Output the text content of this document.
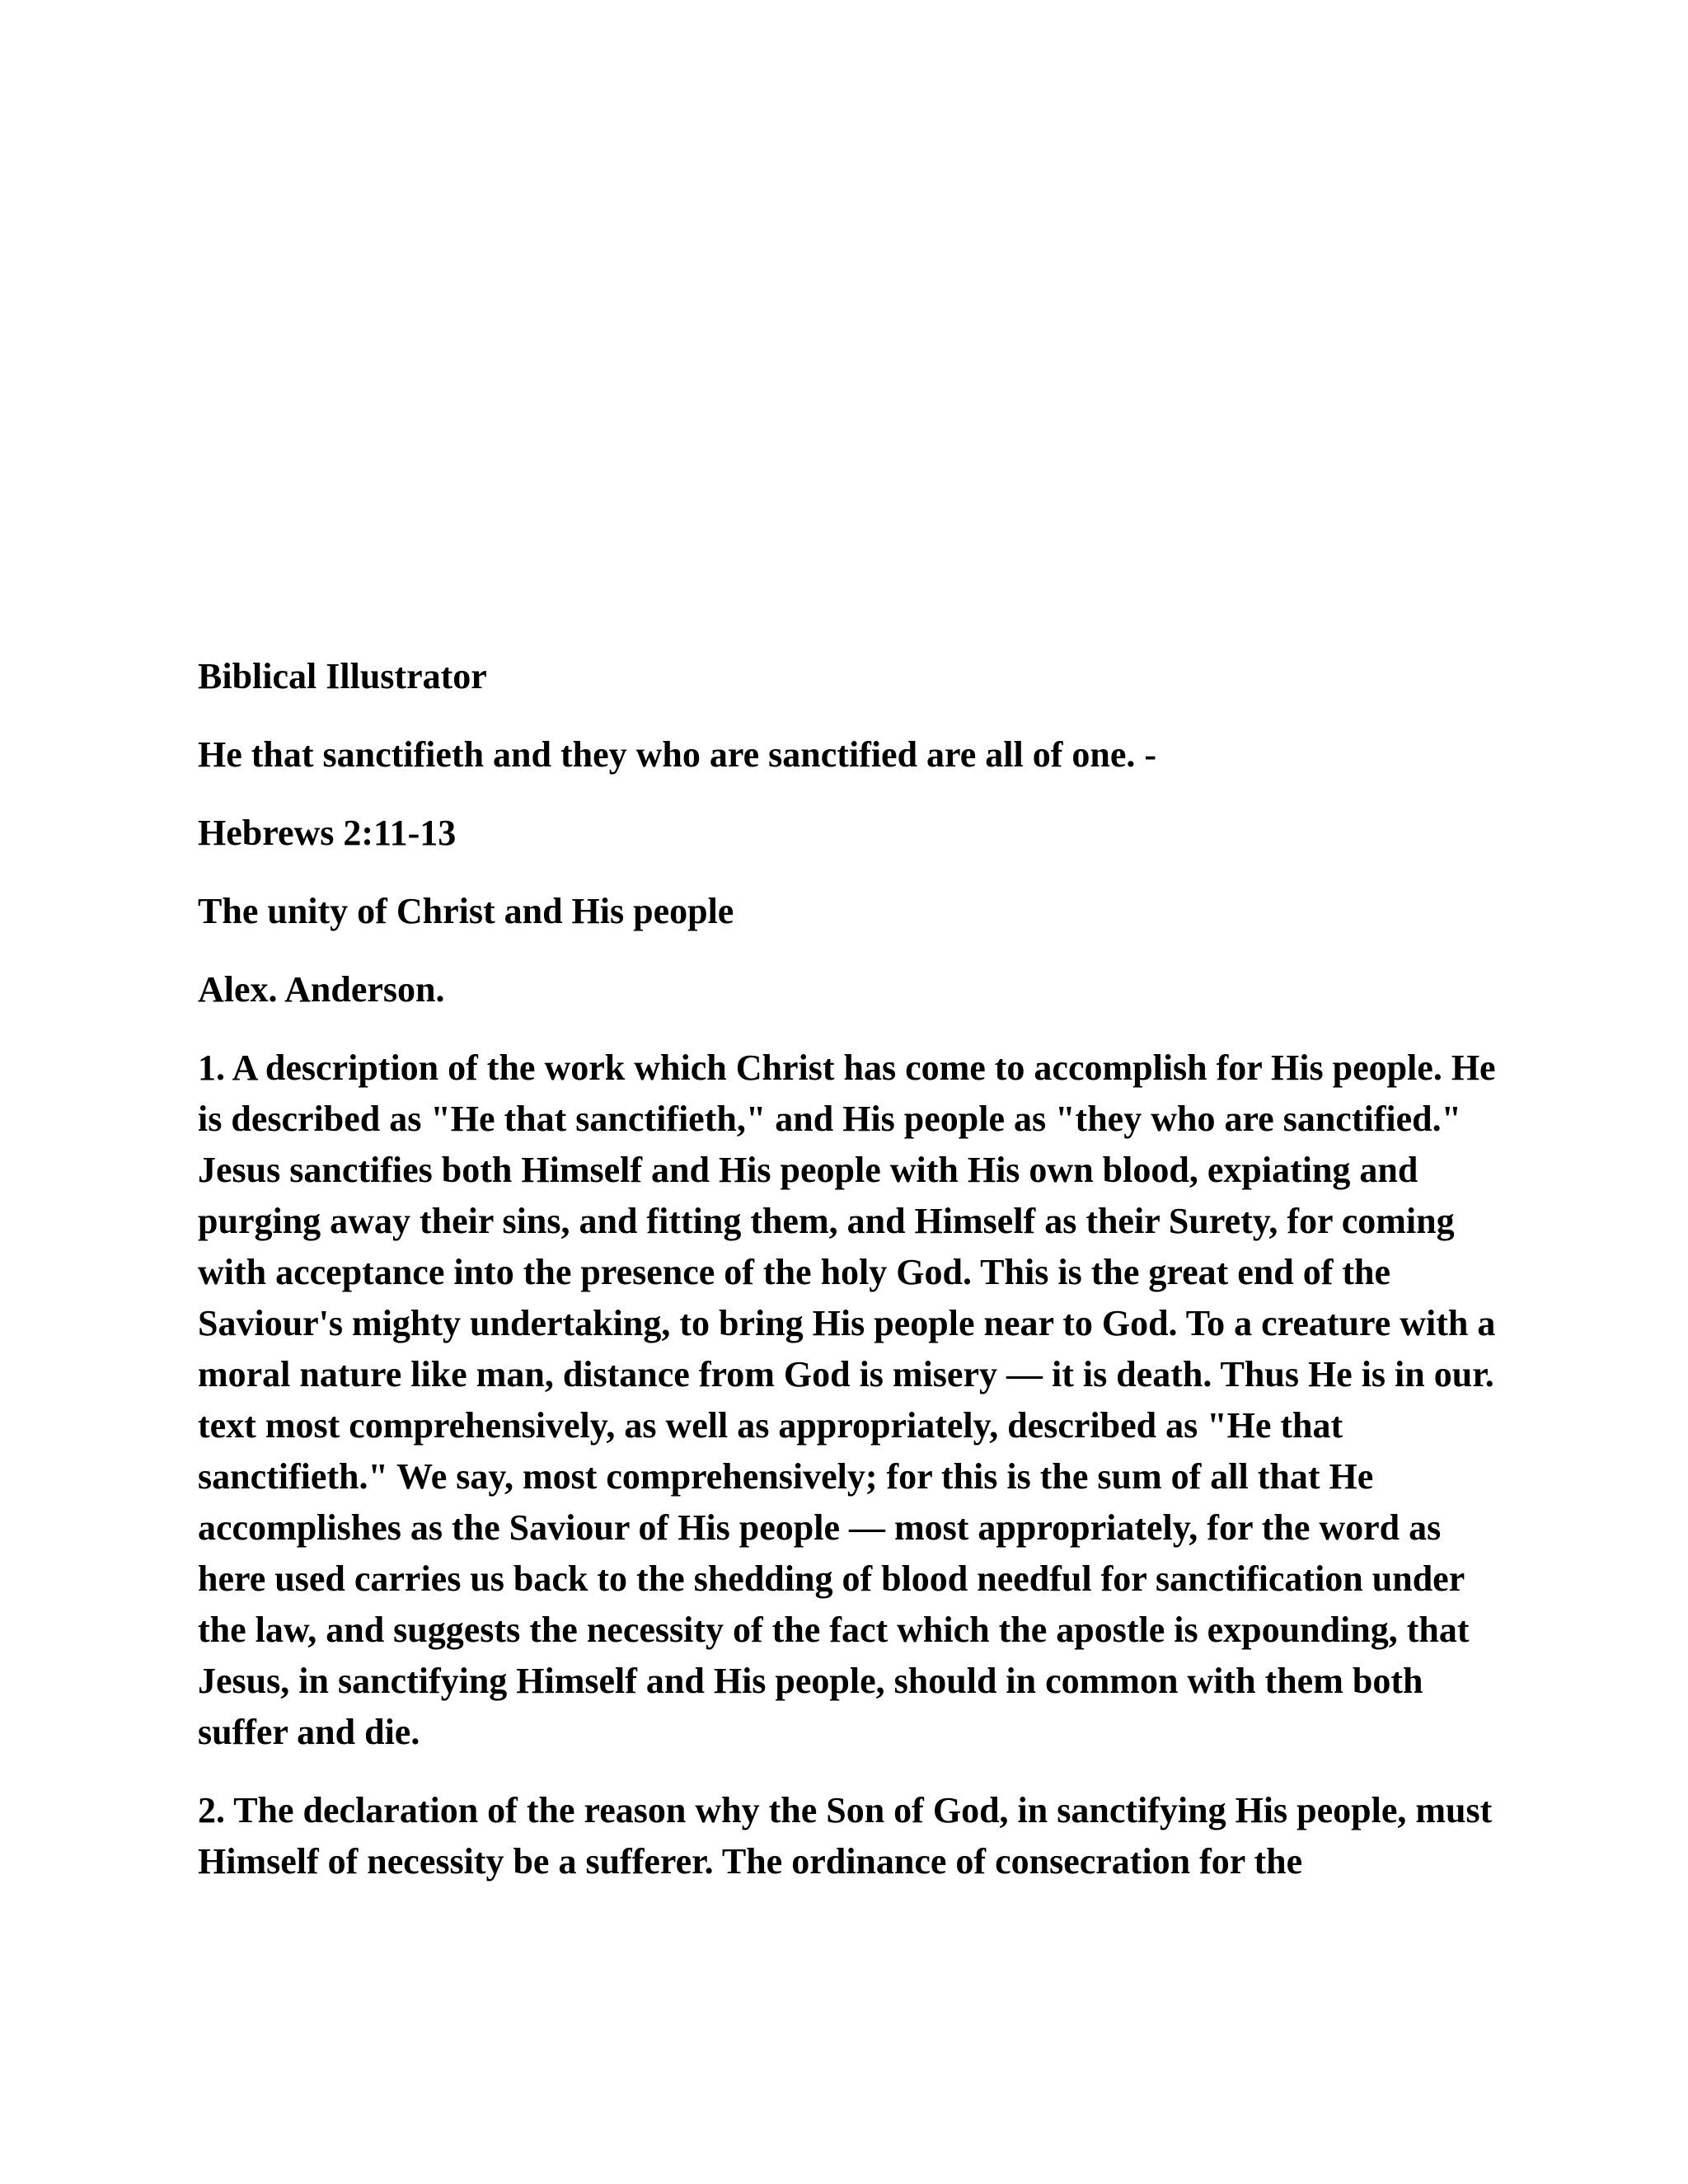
Biblical Illustrator

He that sanctifieth and they who are sanctified are all of one. -

Hebrews 2:11-13

The unity of Christ and His people

Alex. Anderson.

1. A description of the work which Christ has come to accomplish for His people. He is described as "He that sanctifieth," and His people as "they who are sanctified." Jesus sanctifies both Himself and His people with His own blood, expiating and purging away their sins, and fitting them, and Himself as their Surety, for coming with acceptance into the presence of the holy God. This is the great end of the Saviour's mighty undertaking, to bring His people near to God. To a creature with a moral nature like man, distance from God is misery — it is death. Thus He is in our. text most comprehensively, as well as appropriately, described as "He that sanctifieth." We say, most comprehensively; for this is the sum of all that He accomplishes as the Saviour of His people — most appropriately, for the word as here used carries us back to the shedding of blood needful for sanctification under the law, and suggests the necessity of the fact which the apostle is expounding, that Jesus, in sanctifying Himself and His people, should in common with them both suffer and die.

2. The declaration of the reason why the Son of God, in sanctifying His people, must Himself of necessity be a sufferer. The ordinance of consecration for the
